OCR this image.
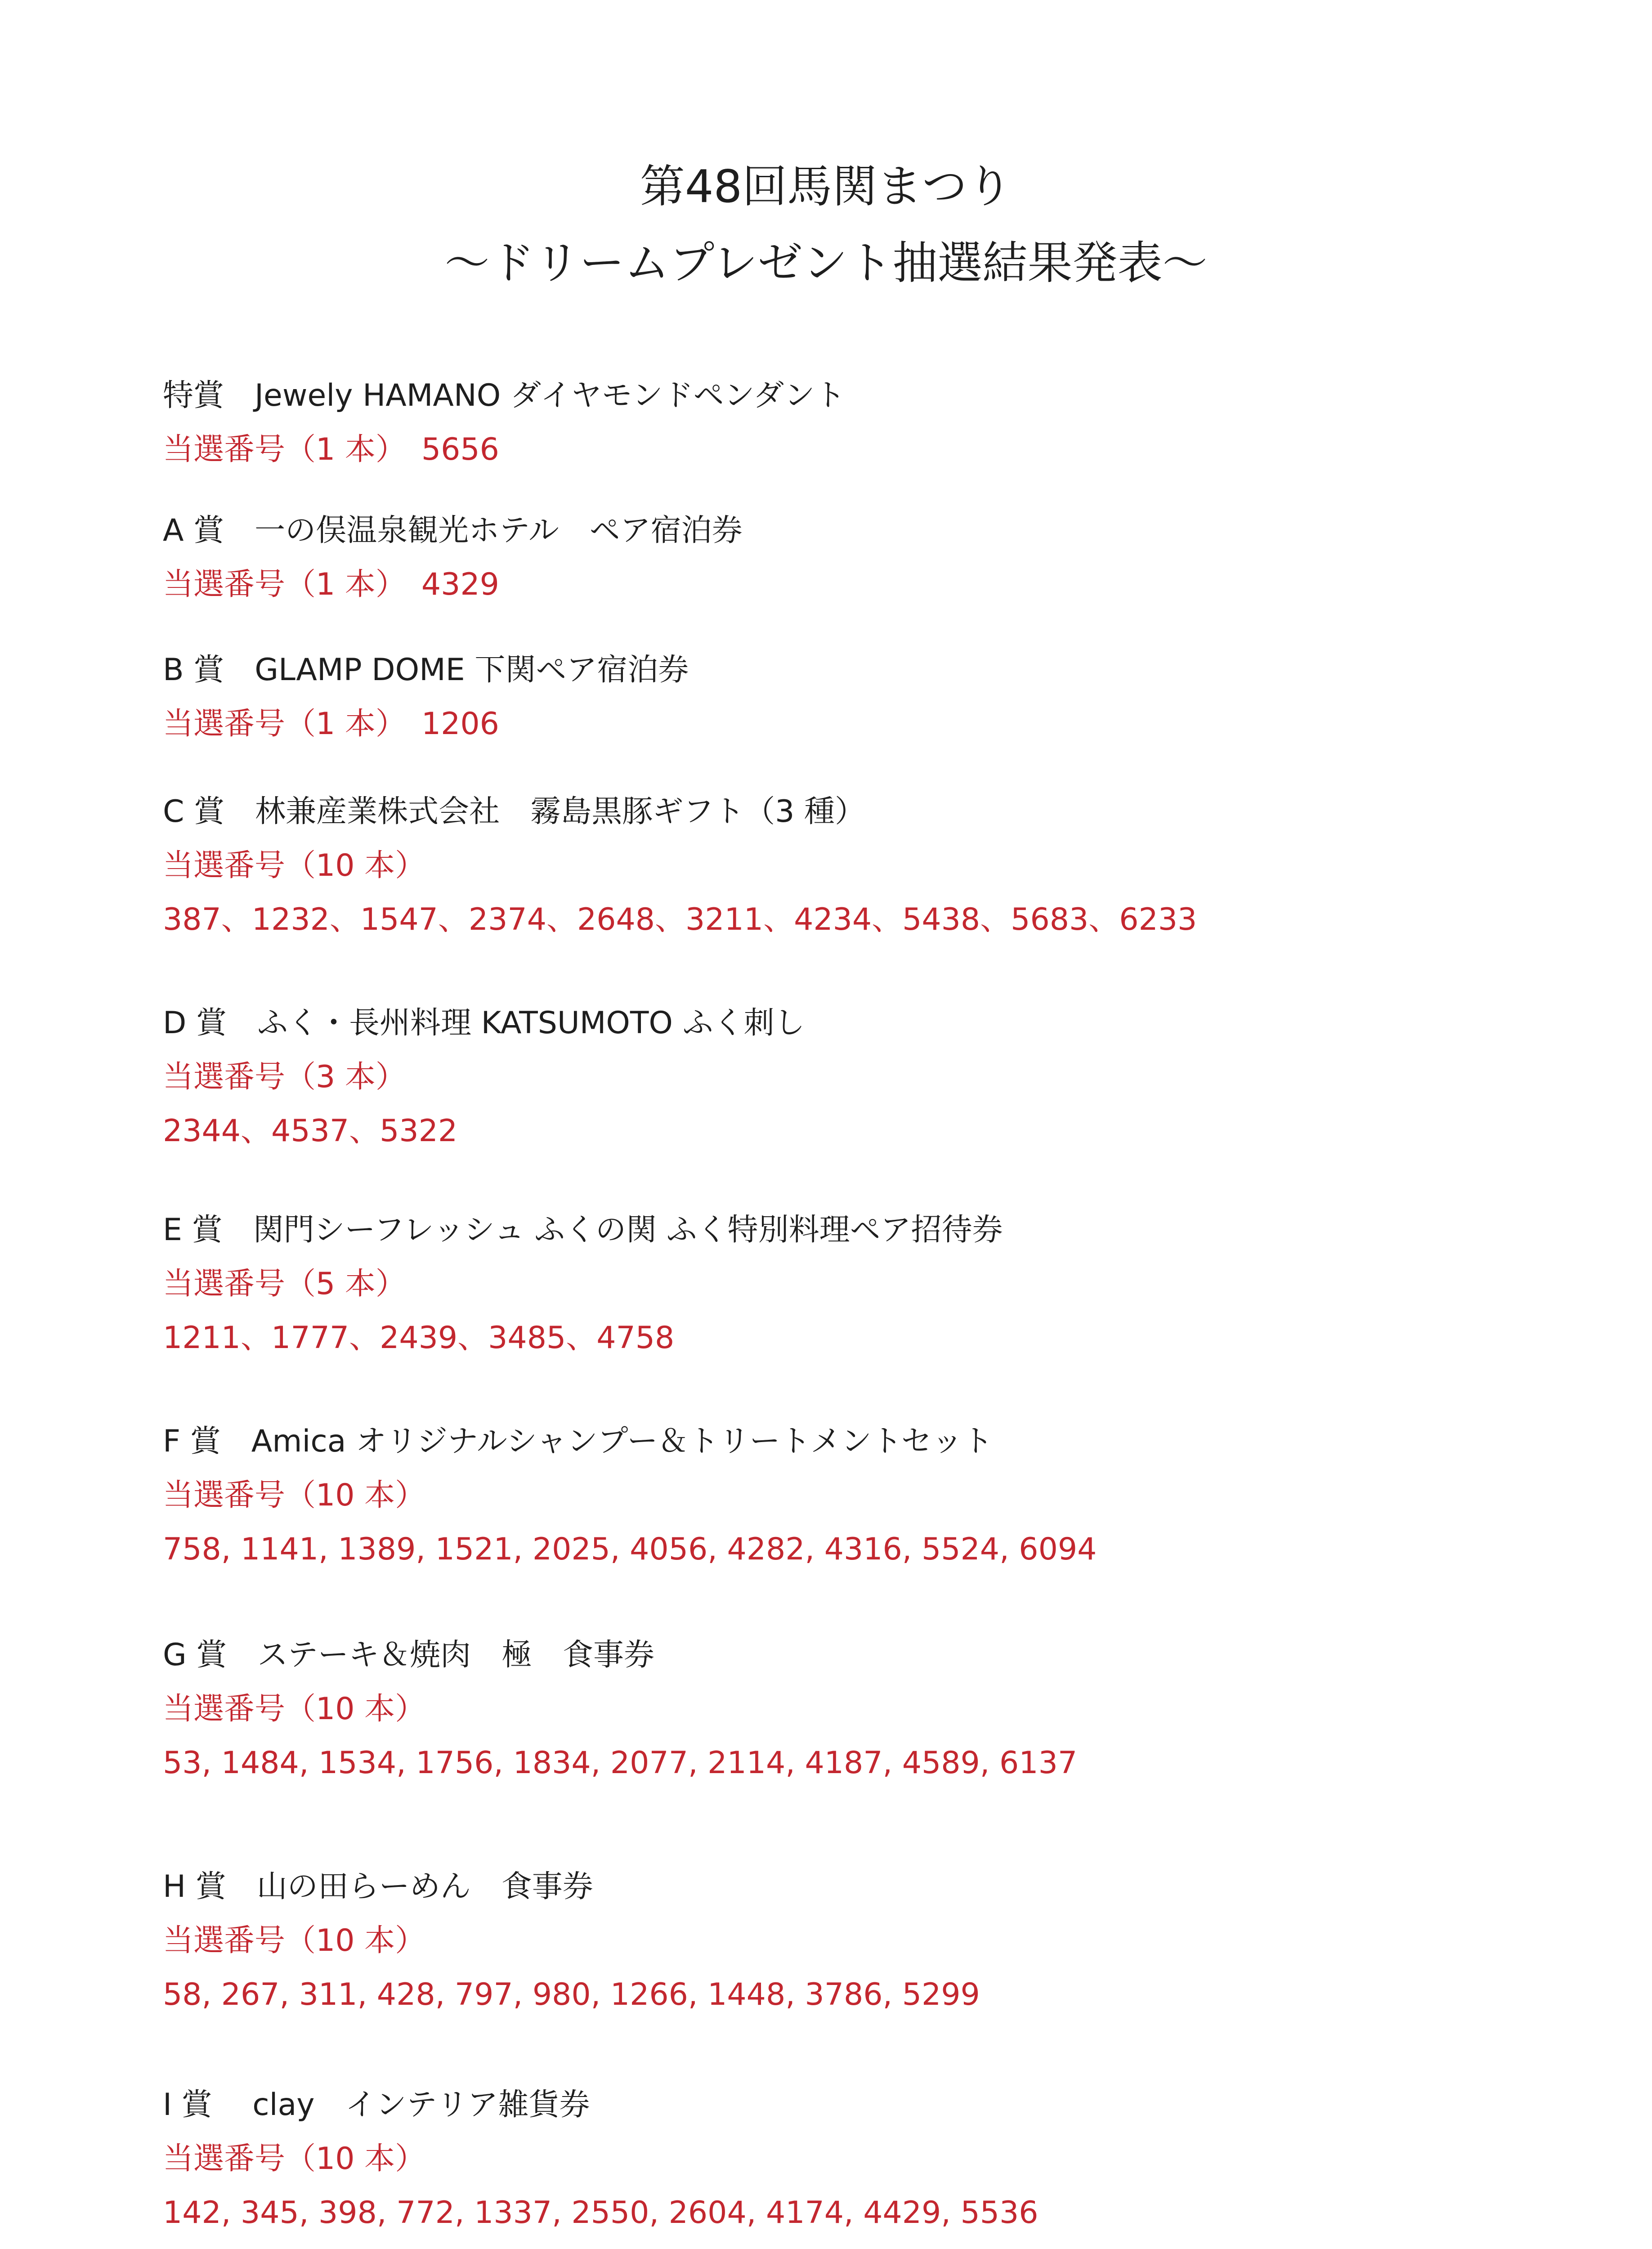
第48回馬関まつり
〜ドリームプレゼント抽選結果発表〜
特賞　Jewely HAMANO ダイヤモンドペンダント
当選番号（1 本）　5656
A 賞　一の俣温泉観光ホテル　ペア宿泊券
当選番号（1 本）　4329
B 賞　GLAMP DOME 下関ペア宿泊券
当選番号（1 本）　1206
C 賞　林兼産業株式会社　霧島黒豚ギフト（3 種）
当選番号（10 本）
387、1232、1547、2374、2648、3211、4234、5438、5683、6233
D 賞　ふく・長州料理 KATSUMOTO ふく刺し
当選番号（3 本）
2344、4537、5322
E 賞　関門シーフレッシュ ふくの関 ふく特別料理ペア招待券
当選番号（5 本）
1211、1777、2439、3485、4758
F 賞　Amica オリジナルシャンプー＆トリートメントセット
当選番号（10 本）
758, 1141, 1389, 1521, 2025, 4056, 4282, 4316, 5524, 6094
G 賞　ステーキ＆焼肉　極　食事券
当選番号（10 本）
53, 1484, 1534, 1756, 1834, 2077, 2114, 4187, 4589, 6137
H 賞　山の田らーめん　食事券
当選番号（10 本）
58, 267, 311, 428, 797, 980, 1266, 1448, 3786, 5299
I 賞　 clay　インテリア雑貨券
当選番号（10 本）
142, 345, 398, 772, 1337, 2550, 2604, 4174, 4429, 5536
